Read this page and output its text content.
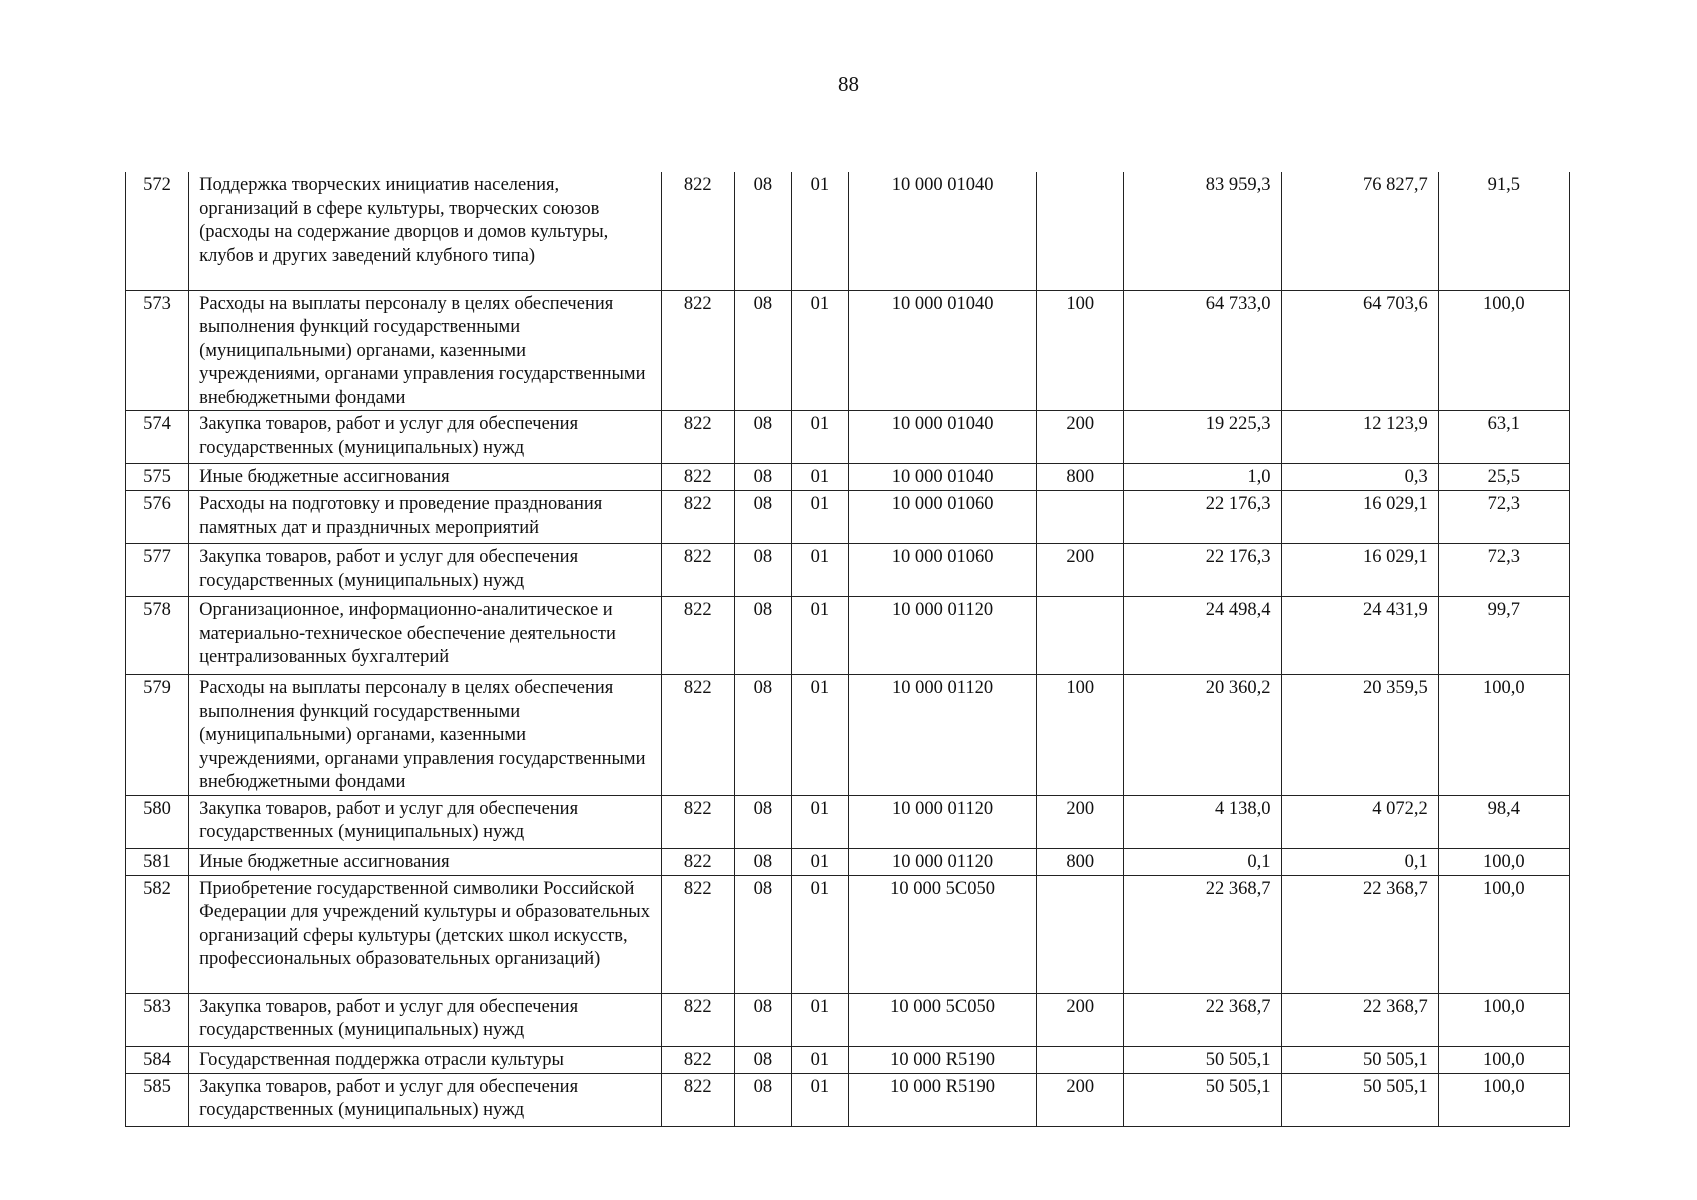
88
572	Поддержка творческих инициатив населения, организаций в сфере культуры, творческих союзов (расходы на содержание дворцов и домов культуры, клубов и других заведений клубного типа)	822	08	01	10 000 01040		83 959,3	76 827,7	91,5
573	Расходы на выплаты персоналу в целях обеспечения выполнения функций государственными (муниципальными) органами, казенными учреждениями, органами управления государственными внебюджетными фондами	822	08	01	10 000 01040	100	64 733,0	64 703,6	100,0
574	Закупка товаров, работ и услуг для обеспечения государственных (муниципальных) нужд	822	08	01	10 000 01040	200	19 225,3	12 123,9	63,1
575	Иные бюджетные ассигнования	822	08	01	10 000 01040	800	1,0	0,3	25,5
576	Расходы на подготовку и проведение празднования памятных дат и праздничных мероприятий	822	08	01	10 000 01060		22 176,3	16 029,1	72,3
577	Закупка товаров, работ и услуг для обеспечения государственных (муниципальных) нужд	822	08	01	10 000 01060	200	22 176,3	16 029,1	72,3
578	Организационное, информационно-аналитическое и материально-техническое обеспечение деятельности централизованных бухгалтерий	822	08	01	10 000 01120		24 498,4	24 431,9	99,7
579	Расходы на выплаты персоналу в целях обеспечения выполнения функций государственными (муниципальными) органами, казенными учреждениями, органами управления государственными внебюджетными фондами	822	08	01	10 000 01120	100	20 360,2	20 359,5	100,0
580	Закупка товаров, работ и услуг для обеспечения государственных (муниципальных) нужд	822	08	01	10 000 01120	200	4 138,0	4 072,2	98,4
581	Иные бюджетные ассигнования	822	08	01	10 000 01120	800	0,1	0,1	100,0
582	Приобретение государственной символики Российской Федерации для учреждений культуры и образовательных организаций сферы культуры (детских школ искусств, профессиональных образовательных организаций)	822	08	01	10 000 5С050		22 368,7	22 368,7	100,0
583	Закупка товаров, работ и услуг для обеспечения государственных (муниципальных) нужд	822	08	01	10 000 5С050	200	22 368,7	22 368,7	100,0
584	Государственная поддержка отрасли культуры	822	08	01	10 000 R5190		50 505,1	50 505,1	100,0
585	Закупка товаров, работ и услуг для обеспечения государственных (муниципальных) нужд	822	08	01	10 000 R5190	200	50 505,1	50 505,1	100,0
